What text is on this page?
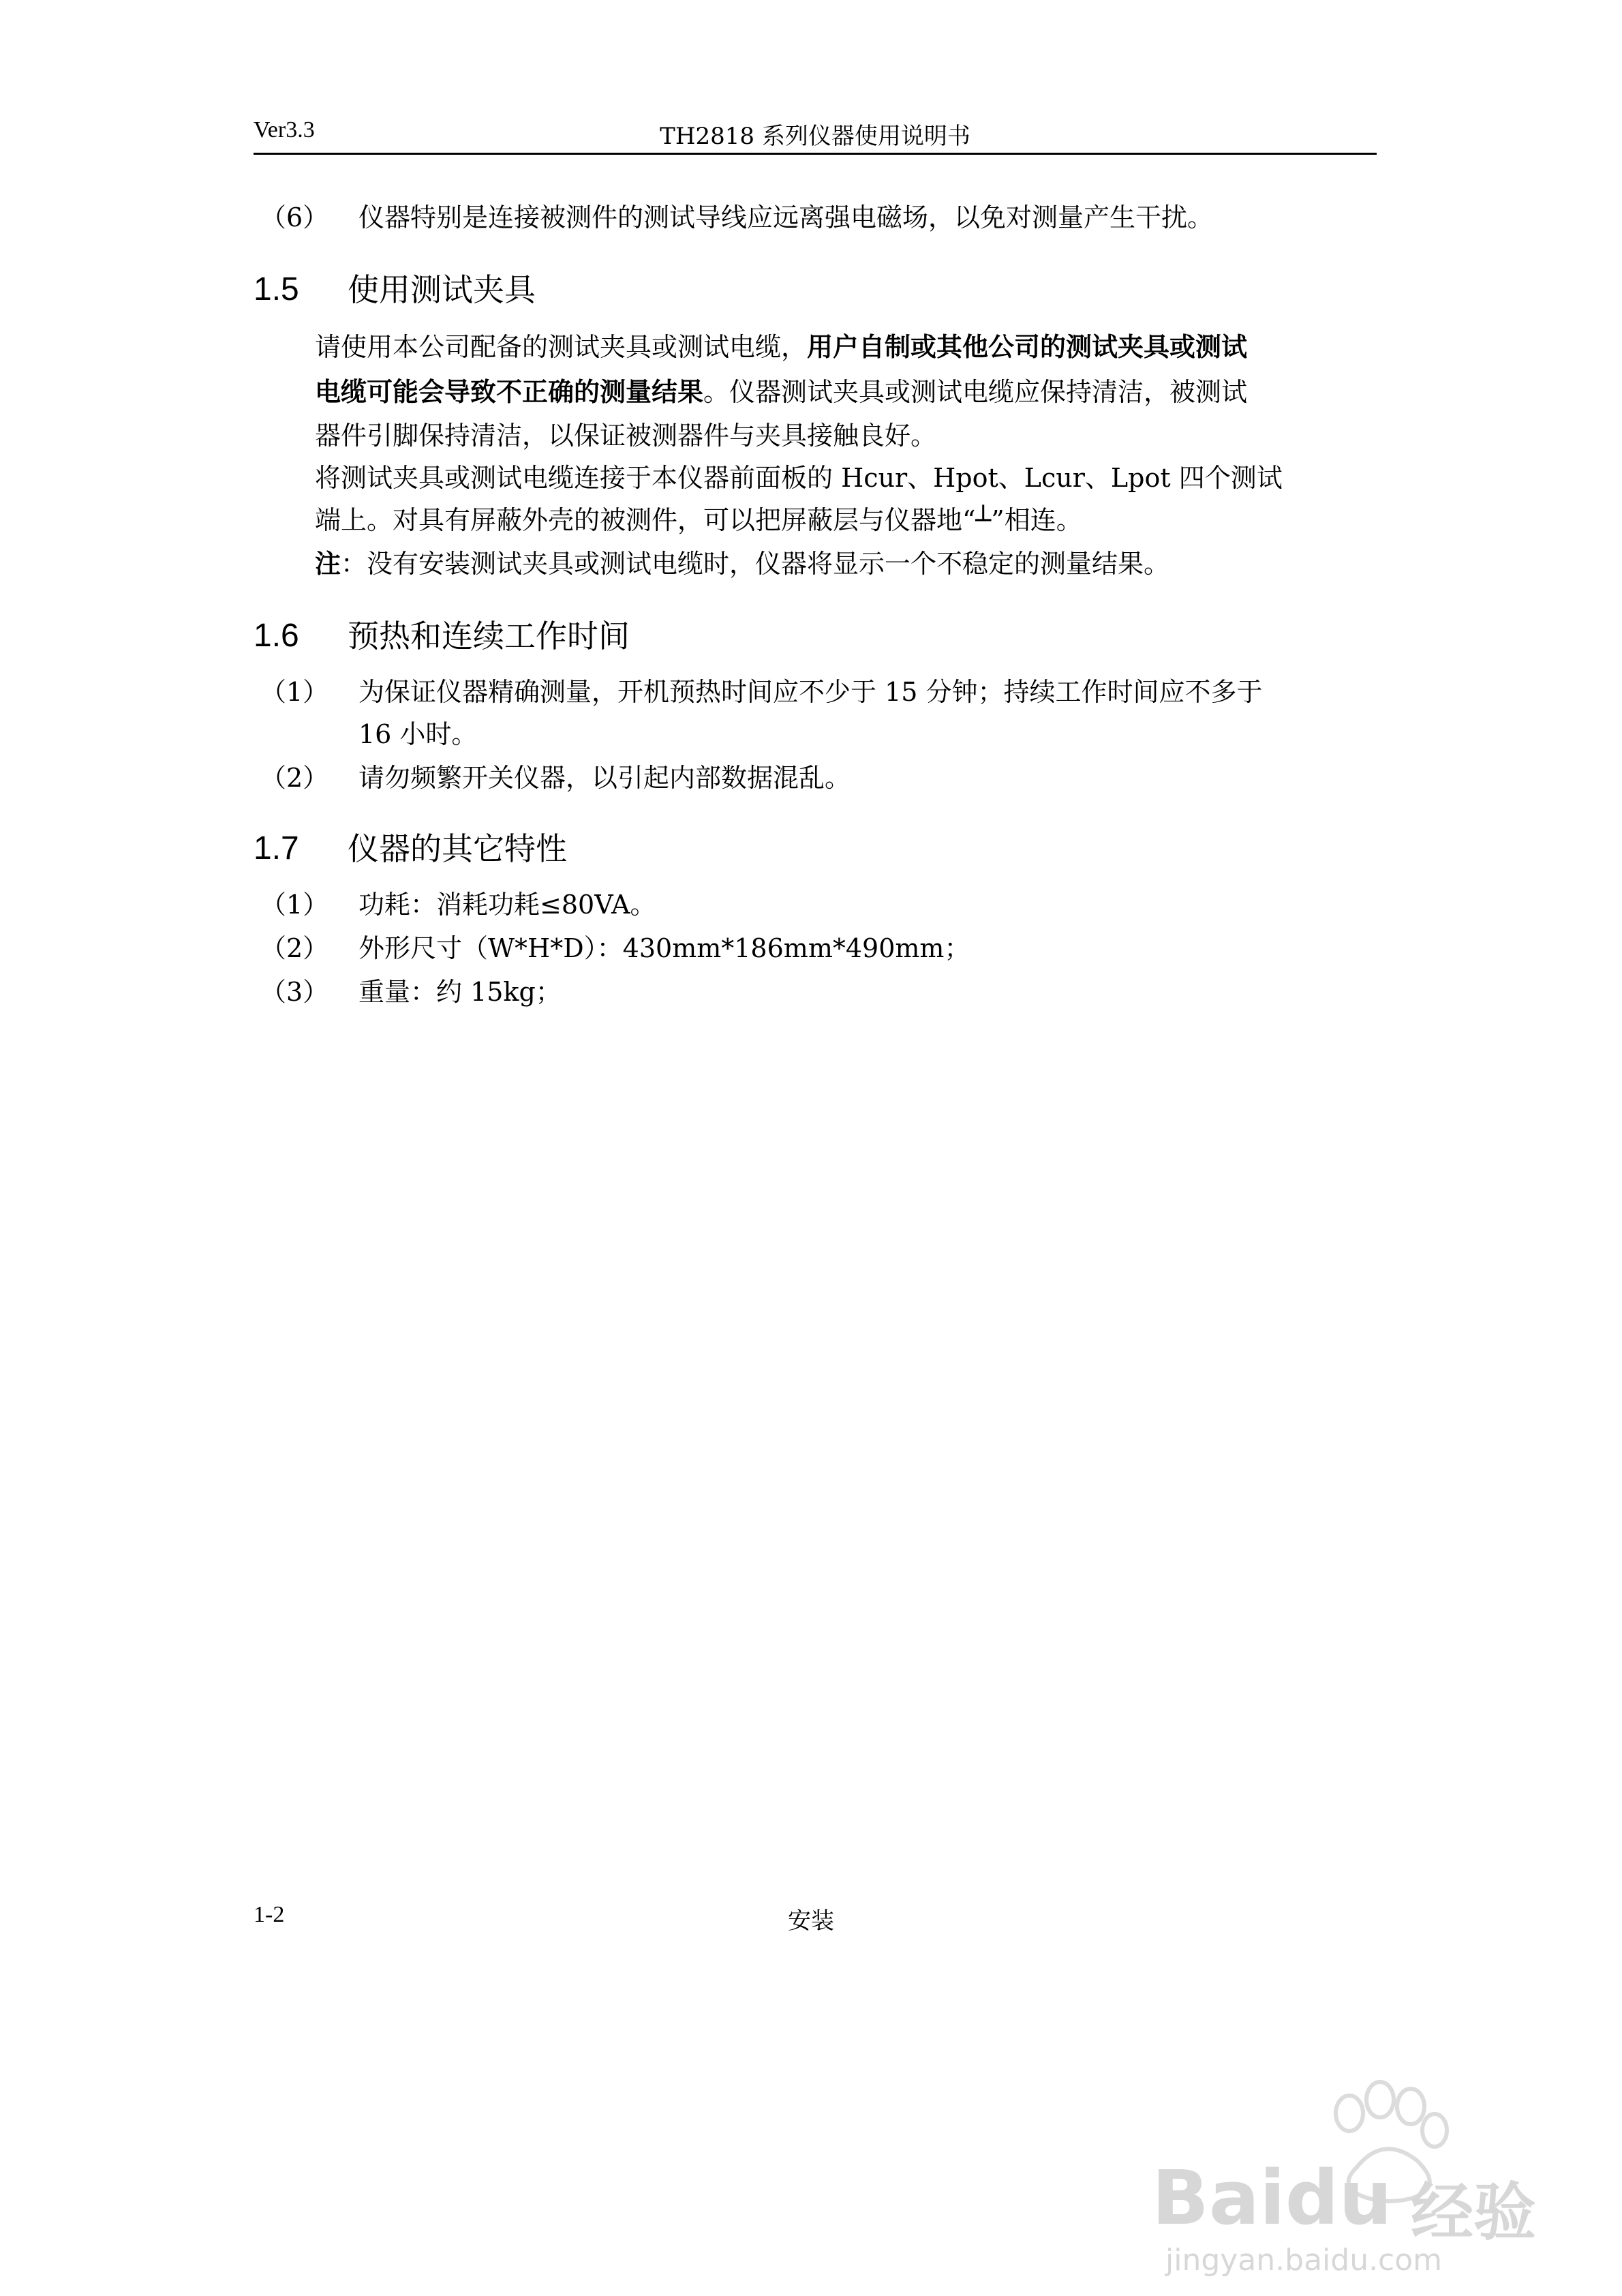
Ver3.3	TH2818 系列仪器使用说明书
（6）	仪器特别是连接被测件的测试导线应远离强电磁场，以免对测量产生干扰。
1.5 使用测试夹具
请使用本公司配备的测试夹具或测试电缆，用户自制或其他公司的测试夹具或测试
电缆可能会导致不正确的测量结果。仪器测试夹具或测试电缆应保持清洁，被测试
器件引脚保持清洁，以保证被测器件与夹具接触良好。
将测试夹具或测试电缆连接于本仪器前面板的 Hcur、Hpot、Lcur、Lpot 四个测试
端上。对具有屏蔽外壳的被测件，可以把屏蔽层与仪器地“┴”相连。
注：没有安装测试夹具或测试电缆时，仪器将显示一个不稳定的测量结果。
1.6 预热和连续工作时间
（1）	为保证仪器精确测量，开机预热时间应不少于 15 分钟；持续工作时间应不多于
16 小时。
（2）	请勿频繁开关仪器，以引起内部数据混乱。
1.7 仪器的其它特性
（1）	功耗：消耗功耗≤80VA。
（2）	外形尺寸（W*H*D）：430mm*186mm*490mm；
（3）	重量：约 15kg；
1-2	安装
Baidu 经验
jingyan.baidu.com
